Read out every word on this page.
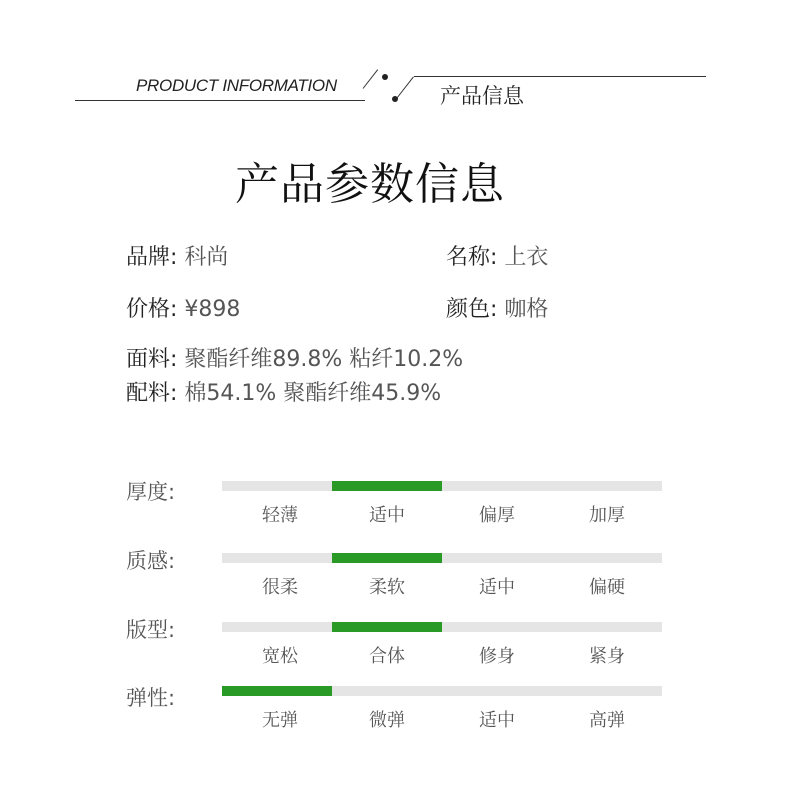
PRODUCT INFORMATION	产品信息
产品参数信息
品牌: 科尚	名称: 上衣
价格: ¥898	颜色: 咖格
面料: 聚酯纤维89.8% 粘纤10.2%
配料: 棉54.1% 聚酯纤维45.9%
厚度:
轻薄	适中	偏厚	加厚
质感:
很柔	柔软	适中	偏硬
版型:
宽松	合体	修身	紧身
弹性:
无弹	微弹	适中	高弹
